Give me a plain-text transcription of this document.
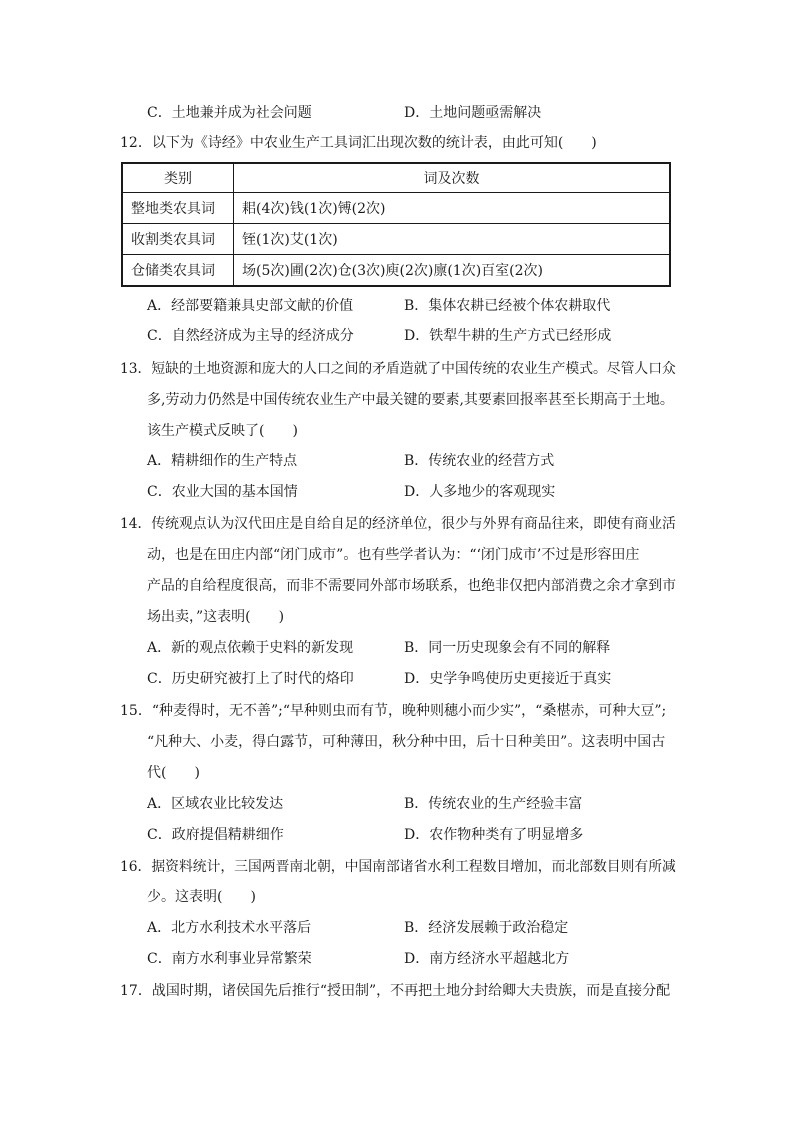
C．土地兼并成为社会问题	D．土地问题亟需解决
12．以下为《诗经》中农业生产工具词汇出现次数的统计表，由此可知(　　)
类别	词及次数
整地类农具词	耜(4次)钱(1次)镈(2次)
收割类农具词	铚(1次)艾(1次)
仓储类农具词	场(5次)圃(2次)仓(3次)庾(2次)廪(1次)百室(2次)
A．经部要籍兼具史部文献的价值	B．集体农耕已经被个体农耕取代
C．自然经济成为主导的经济成分	D．铁犁牛耕的生产方式已经形成
13．短缺的土地资源和庞大的人口之间的矛盾造就了中国传统的农业生产模式。尽管人口众
多,劳动力仍然是中国传统农业生产中最关键的要素,其要素回报率甚至长期高于土地。
该生产模式反映了(　　)
A．精耕细作的生产特点	B．传统农业的经营方式
C．农业大国的基本国情	D．人多地少的客观现实
14．传统观点认为汉代田庄是自给自足的经济单位，很少与外界有商品往来，即使有商业活
动，也是在田庄内部“闭门成市”。也有些学者认为：“‘闭门成市’不过是形容田庄
产品的自给程度很高，而非不需要同外部市场联系，也绝非仅把内部消费之余才拿到市
场出卖，”这表明(　　)
A．新的观点依赖于史料的新发现	B．同一历史现象会有不同的解释
C．历史研究被打上了时代的烙印	D．史学争鸣使历史更接近于真实
15．“种麦得时，无不善”;“早种则虫而有节，晚种则穗小而少实”，“桑椹赤，可种大豆”;
“凡种大、小麦，得白露节，可种薄田，秋分种中田，后十日种美田”。这表明中国古
代(　　)
A．区域农业比较发达	B．传统农业的生产经验丰富
C．政府提倡精耕细作	D．农作物种类有了明显增多
16．据资料统计，三国两晋南北朝，中国南部诸省水利工程数目增加，而北部数目则有所减
少。这表明(　　)
A．北方水利技术水平落后	B．经济发展赖于政治稳定
C．南方水利事业异常繁荣	D．南方经济水平超越北方
17．战国时期，诸侯国先后推行“授田制”，不再把土地分封给卿大夫贵族，而是直接分配
